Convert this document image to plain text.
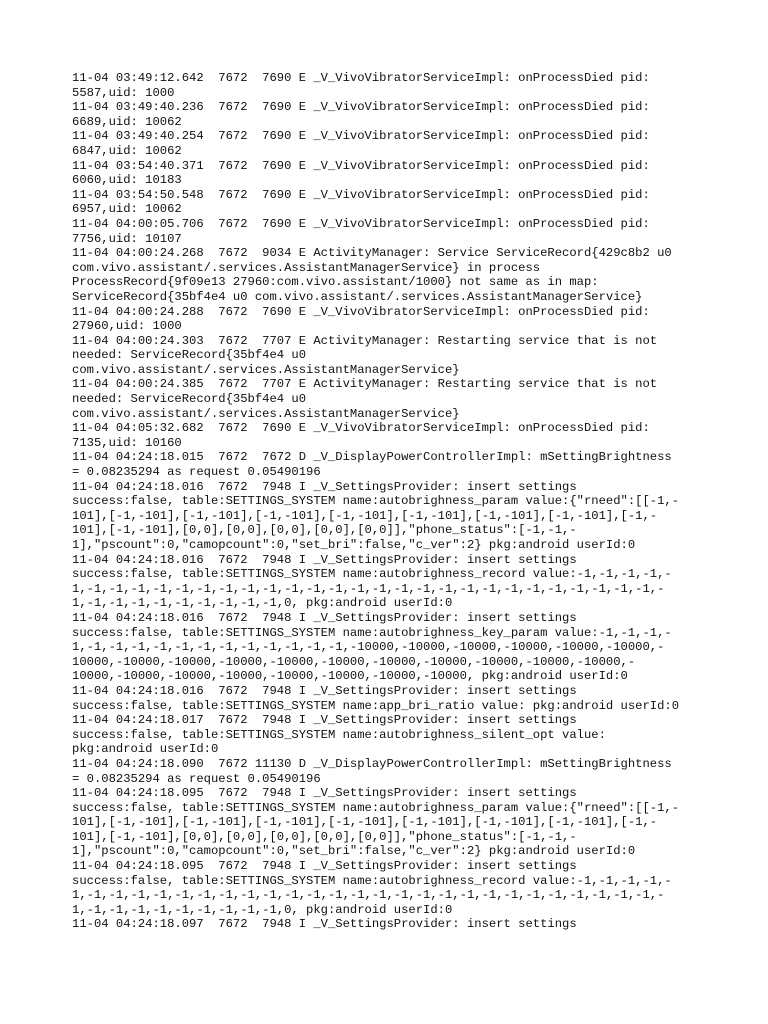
11-04 03:49:12.642  7672  7690 E _V_VivoVibratorServiceImpl: onProcessDied pid:
5587,uid: 1000
11-04 03:49:40.236  7672  7690 E _V_VivoVibratorServiceImpl: onProcessDied pid:
6689,uid: 10062
11-04 03:49:40.254  7672  7690 E _V_VivoVibratorServiceImpl: onProcessDied pid:
6847,uid: 10062
11-04 03:54:40.371  7672  7690 E _V_VivoVibratorServiceImpl: onProcessDied pid:
6060,uid: 10183
11-04 03:54:50.548  7672  7690 E _V_VivoVibratorServiceImpl: onProcessDied pid:
6957,uid: 10062
11-04 04:00:05.706  7672  7690 E _V_VivoVibratorServiceImpl: onProcessDied pid:
7756,uid: 10107
11-04 04:00:24.268  7672  9034 E ActivityManager: Service ServiceRecord{429c8b2 u0
com.vivo.assistant/.services.AssistantManagerService} in process
ProcessRecord{9f09e13 27960:com.vivo.assistant/1000} not same as in map:
ServiceRecord{35bf4e4 u0 com.vivo.assistant/.services.AssistantManagerService}
11-04 04:00:24.288  7672  7690 E _V_VivoVibratorServiceImpl: onProcessDied pid:
27960,uid: 1000
11-04 04:00:24.303  7672  7707 E ActivityManager: Restarting service that is not
needed: ServiceRecord{35bf4e4 u0
com.vivo.assistant/.services.AssistantManagerService}
11-04 04:00:24.385  7672  7707 E ActivityManager: Restarting service that is not
needed: ServiceRecord{35bf4e4 u0
com.vivo.assistant/.services.AssistantManagerService}
11-04 04:05:32.682  7672  7690 E _V_VivoVibratorServiceImpl: onProcessDied pid:
7135,uid: 10160
11-04 04:24:18.015  7672  7672 D _V_DisplayPowerControllerImpl: mSettingBrightness
= 0.08235294 as request 0.05490196
11-04 04:24:18.016  7672  7948 I _V_SettingsProvider: insert settings
success:false, table:SETTINGS_SYSTEM name:autobrighness_param value:{"rneed":[[-1,-
101],[-1,-101],[-1,-101],[-1,-101],[-1,-101],[-1,-101],[-1,-101],[-1,-101],[-1,-
101],[-1,-101],[0,0],[0,0],[0,0],[0,0],[0,0]],"phone_status":[-1,-1,-
1],"pscount":0,"camopcount":0,"set_bri":false,"c_ver":2} pkg:android userId:0
11-04 04:24:18.016  7672  7948 I _V_SettingsProvider: insert settings
success:false, table:SETTINGS_SYSTEM name:autobrighness_record value:-1,-1,-1,-1,-
1,-1,-1,-1,-1,-1,-1,-1,-1,-1,-1,-1,-1,-1,-1,-1,-1,-1,-1,-1,-1,-1,-1,-1,-1,-1,-1,-
1,-1,-1,-1,-1,-1,-1,-1,-1,-1,0, pkg:android userId:0
11-04 04:24:18.016  7672  7948 I _V_SettingsProvider: insert settings
success:false, table:SETTINGS_SYSTEM name:autobrighness_key_param value:-1,-1,-1,-
1,-1,-1,-1,-1,-1,-1,-1,-1,-1,-1,-1,-1,-10000,-10000,-10000,-10000,-10000,-10000,-
10000,-10000,-10000,-10000,-10000,-10000,-10000,-10000,-10000,-10000,-10000,-
10000,-10000,-10000,-10000,-10000,-10000,-10000,-10000, pkg:android userId:0
11-04 04:24:18.016  7672  7948 I _V_SettingsProvider: insert settings
success:false, table:SETTINGS_SYSTEM name:app_bri_ratio value: pkg:android userId:0
11-04 04:24:18.017  7672  7948 I _V_SettingsProvider: insert settings
success:false, table:SETTINGS_SYSTEM name:autobrighness_silent_opt value:
pkg:android userId:0
11-04 04:24:18.090  7672 11130 D _V_DisplayPowerControllerImpl: mSettingBrightness
= 0.08235294 as request 0.05490196
11-04 04:24:18.095  7672  7948 I _V_SettingsProvider: insert settings
success:false, table:SETTINGS_SYSTEM name:autobrighness_param value:{"rneed":[[-1,-
101],[-1,-101],[-1,-101],[-1,-101],[-1,-101],[-1,-101],[-1,-101],[-1,-101],[-1,-
101],[-1,-101],[0,0],[0,0],[0,0],[0,0],[0,0]],"phone_status":[-1,-1,-
1],"pscount":0,"camopcount":0,"set_bri":false,"c_ver":2} pkg:android userId:0
11-04 04:24:18.095  7672  7948 I _V_SettingsProvider: insert settings
success:false, table:SETTINGS_SYSTEM name:autobrighness_record value:-1,-1,-1,-1,-
1,-1,-1,-1,-1,-1,-1,-1,-1,-1,-1,-1,-1,-1,-1,-1,-1,-1,-1,-1,-1,-1,-1,-1,-1,-1,-1,-
1,-1,-1,-1,-1,-1,-1,-1,-1,-1,0, pkg:android userId:0
11-04 04:24:18.097  7672  7948 I _V_SettingsProvider: insert settings
